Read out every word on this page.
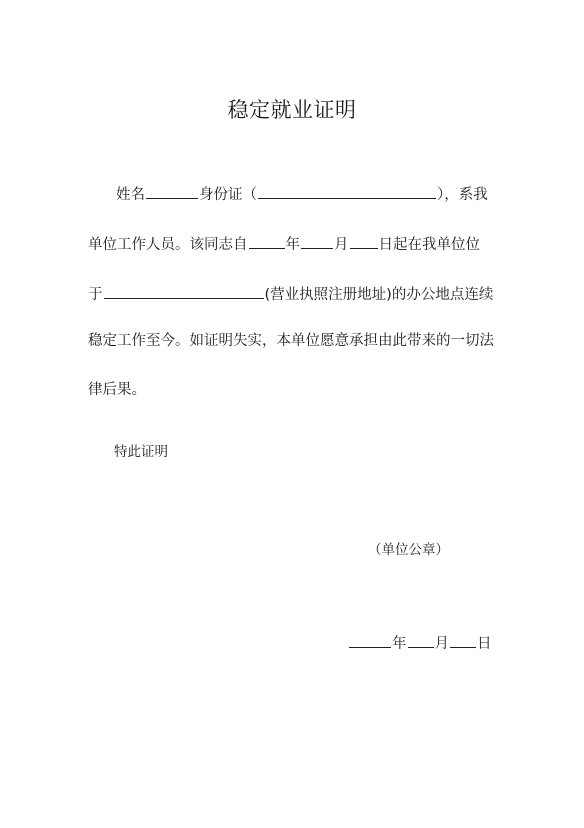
稳定就业证明
姓名	身份证（	），系我
单位工作人员。该同志自	年 月 日起在我单位位
于	(营业执照注册地址)的办公地点连续
稳定工作至今。如证明失实，本单位愿意承担由此带来的一切法
律后果。
特此证明
（单位公章）
年 月 日
